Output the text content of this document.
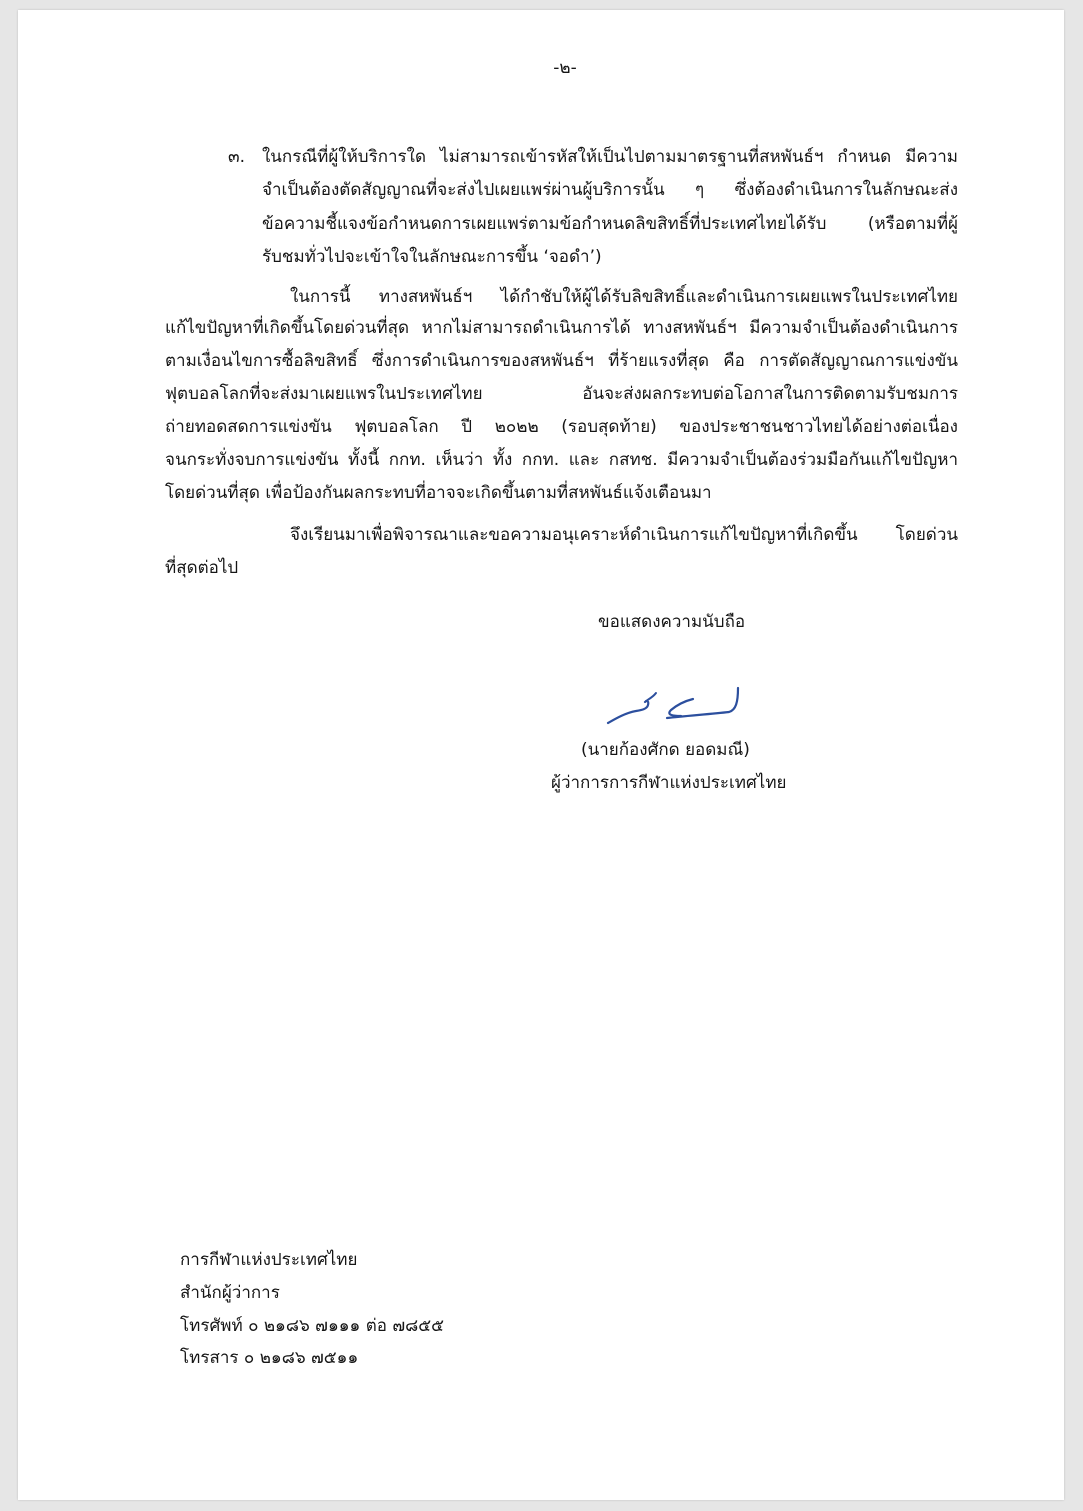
-๒-
๓. ในกรณีที่ผู้ให้บริการใด ไม่สามารถเข้ารหัสให้เป็นไปตามมาตรฐานที่สหพันธ์ฯ กำหนด มีความ
จำเป็นต้องตัดสัญญาณที่จะส่งไปเผยแพร่ผ่านผู้บริการนั้น ๆ ซึ่งต้องดำเนินการในลักษณะส่ง
ข้อความชี้แจงข้อกำหนดการเผยแพร่ตามข้อกำหนดลิขสิทธิ์ที่ประเทศไทยได้รับ (หรือตามที่ผู้
รับชมทั่วไปจะเข้าใจในลักษณะการขึ้น ‘จอดำ’)
ในการนี้ ทางสหพันธ์ฯ ได้กำชับให้ผู้ได้รับลิขสิทธิ์และดำเนินการเผยแพรในประเทศไทย
แก้ไขปัญหาที่เกิดขึ้นโดยด่วนที่สุด หากไม่สามารถดำเนินการได้ ทางสหพันธ์ฯ มีความจำเป็นต้องดำเนินการ
ตามเงื่อนไขการซื้อลิขสิทธิ์ ซึ่งการดำเนินการของสหพันธ์ฯ ที่ร้ายแรงที่สุด คือ การตัดสัญญาณการแข่งขัน
ฟุตบอลโลกที่จะส่งมาเผยแพรในประเทศไทย อันจะส่งผลกระทบต่อโอกาสในการติดตามรับชมการ
ถ่ายทอดสดการแข่งขัน ฟุตบอลโลก ปี ๒๐๒๒ (รอบสุดท้าย) ของประชาชนชาวไทยได้อย่างต่อเนื่อง
จนกระทั่งจบการแข่งขัน ทั้งนี้ กกท. เห็นว่า ทั้ง กกท. และ กสทช. มีความจำเป็นต้องร่วมมือกันแก้ไขปัญหา
โดยด่วนที่สุด เพื่อป้องกันผลกระทบที่อาจจะเกิดขึ้นตามที่สหพันธ์แจ้งเตือนมา
จึงเรียนมาเพื่อพิจารณาและขอความอนุเคราะห์ดำเนินการแก้ไขปัญหาที่เกิดขึ้น โดยด่วน
ที่สุดต่อไป
ขอแสดงความนับถือ
(นายก้องศักด ยอดมณี)
ผู้ว่าการการกีฬาแห่งประเทศไทย
การกีฬาแห่งประเทศไทย
สำนักผู้ว่าการ
โทรศัพท์ ๐ ๒๑๘๖ ๗๑๑๑ ต่อ ๗๘๕๕
โทรสาร ๐ ๒๑๘๖ ๗๕๑๑
